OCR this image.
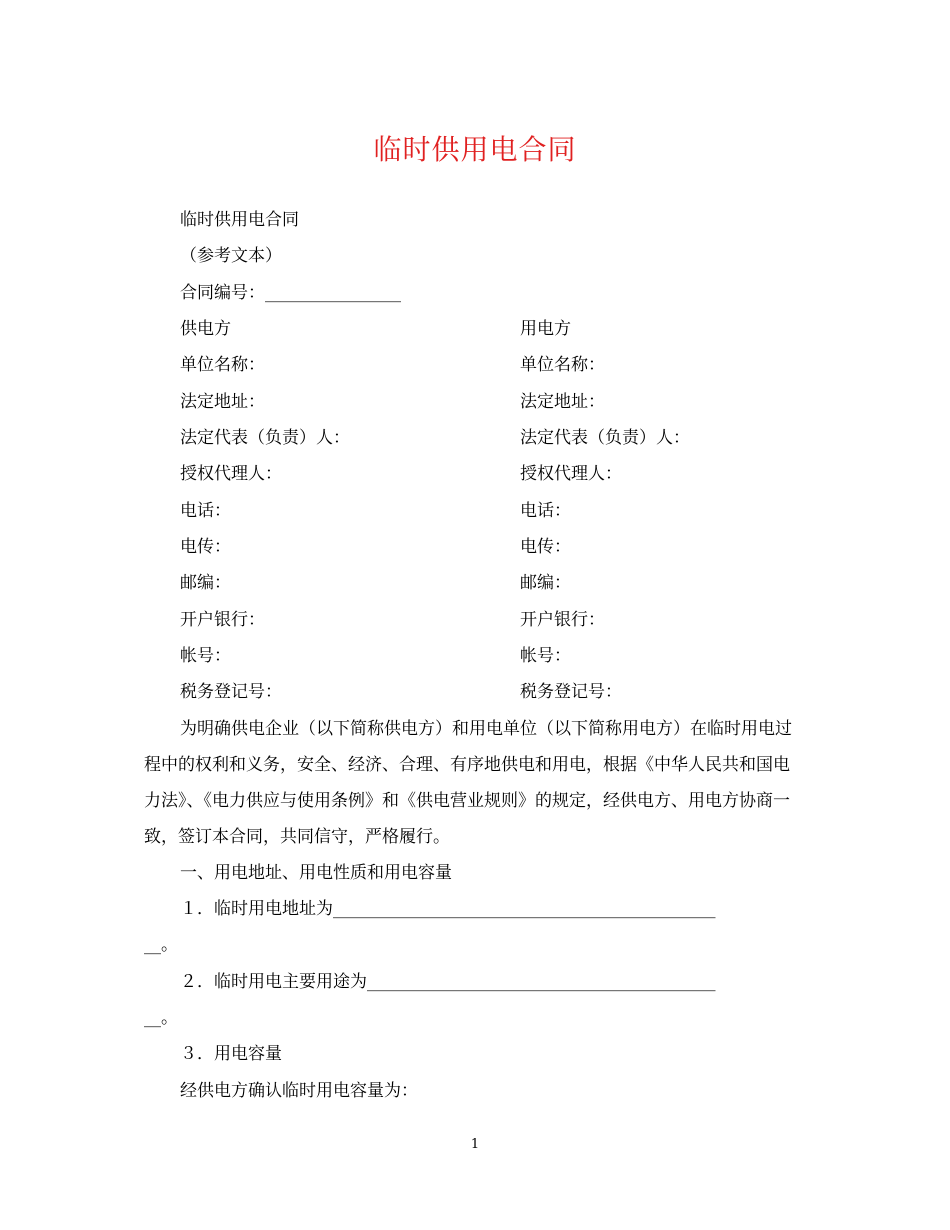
临时供用电合同
临时供用电合同
（参考文本）
合同编号：________________
供电方
单位名称：
法定地址：
法定代表（负责）人：
授权代理人：
电话：
电传：
邮编：
开户银行：
帐号：
税务登记号：
用电方
单位名称：
法定地址：
法定代表（负责）人：
授权代理人：
电话：
电传：
邮编：
开户银行：
帐号：
税务登记号：
为明确供电企业（以下简称供电方）和用电单位（以下简称用电方）在临时用电过程中的权利和义务，安全、经济、合理、有序地供电和用电，根据《中华人民共和国电力法》、《电力供应与使用条例》和《供电营业规则》的规定，经供电方、用电方协商一致，签订本合同，共同信守，严格履行。
一、用电地址、用电性质和用电容量
１．临时用电地址为_____________________________________________
__。
２．临时用电主要用途为_________________________________________
__。
３．用电容量
经供电方确认临时用电容量为：
1
